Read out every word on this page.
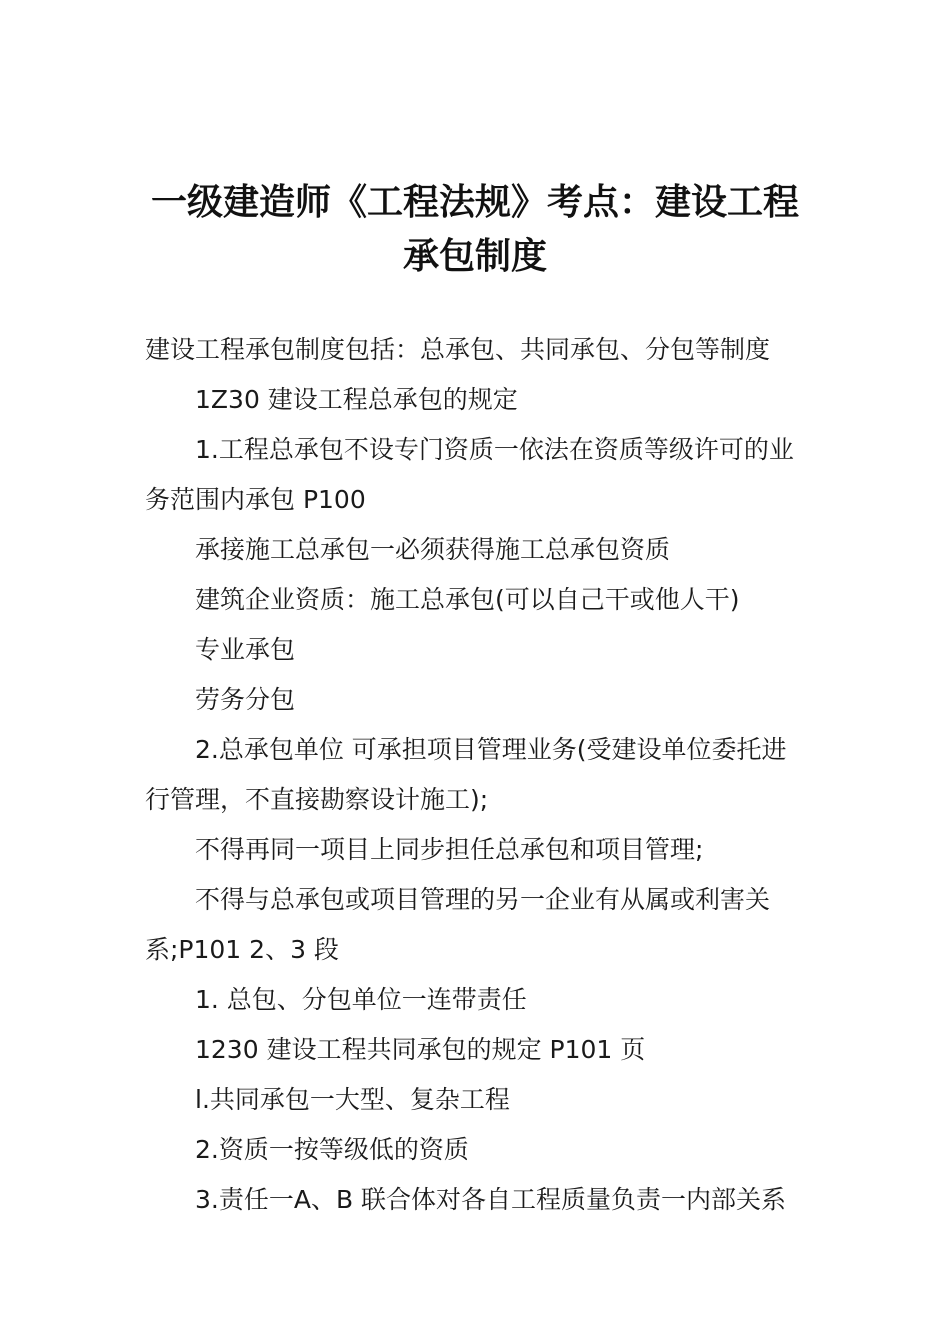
一级建造师《工程法规》考点：建设工程
承包制度

建设工程承包制度包括：总承包、共同承包、分包等制度

1Z30 建设工程总承包的规定

1.工程总承包不设专门资质一依法在资质等级许可的业务范围内承包 P100

承接施工总承包一必须获得施工总承包资质

建筑企业资质：施工总承包(可以自己干或他人干)

专业承包

劳务分包

2.总承包单位 可承担项目管理业务(受建设单位委托进行管理，不直接勘察设计施工);

不得再同一项目上同步担任总承包和项目管理;

不得与总承包或项目管理的另一企业有从属或利害关系;P101 2、3 段

1. 总包、分包单位一连带责任

1230 建设工程共同承包的规定 P101 页

l.共同承包一大型、复杂工程

2.资质一按等级低的资质

3.责任一A、B 联合体对各自工程质量负责一内部关系
